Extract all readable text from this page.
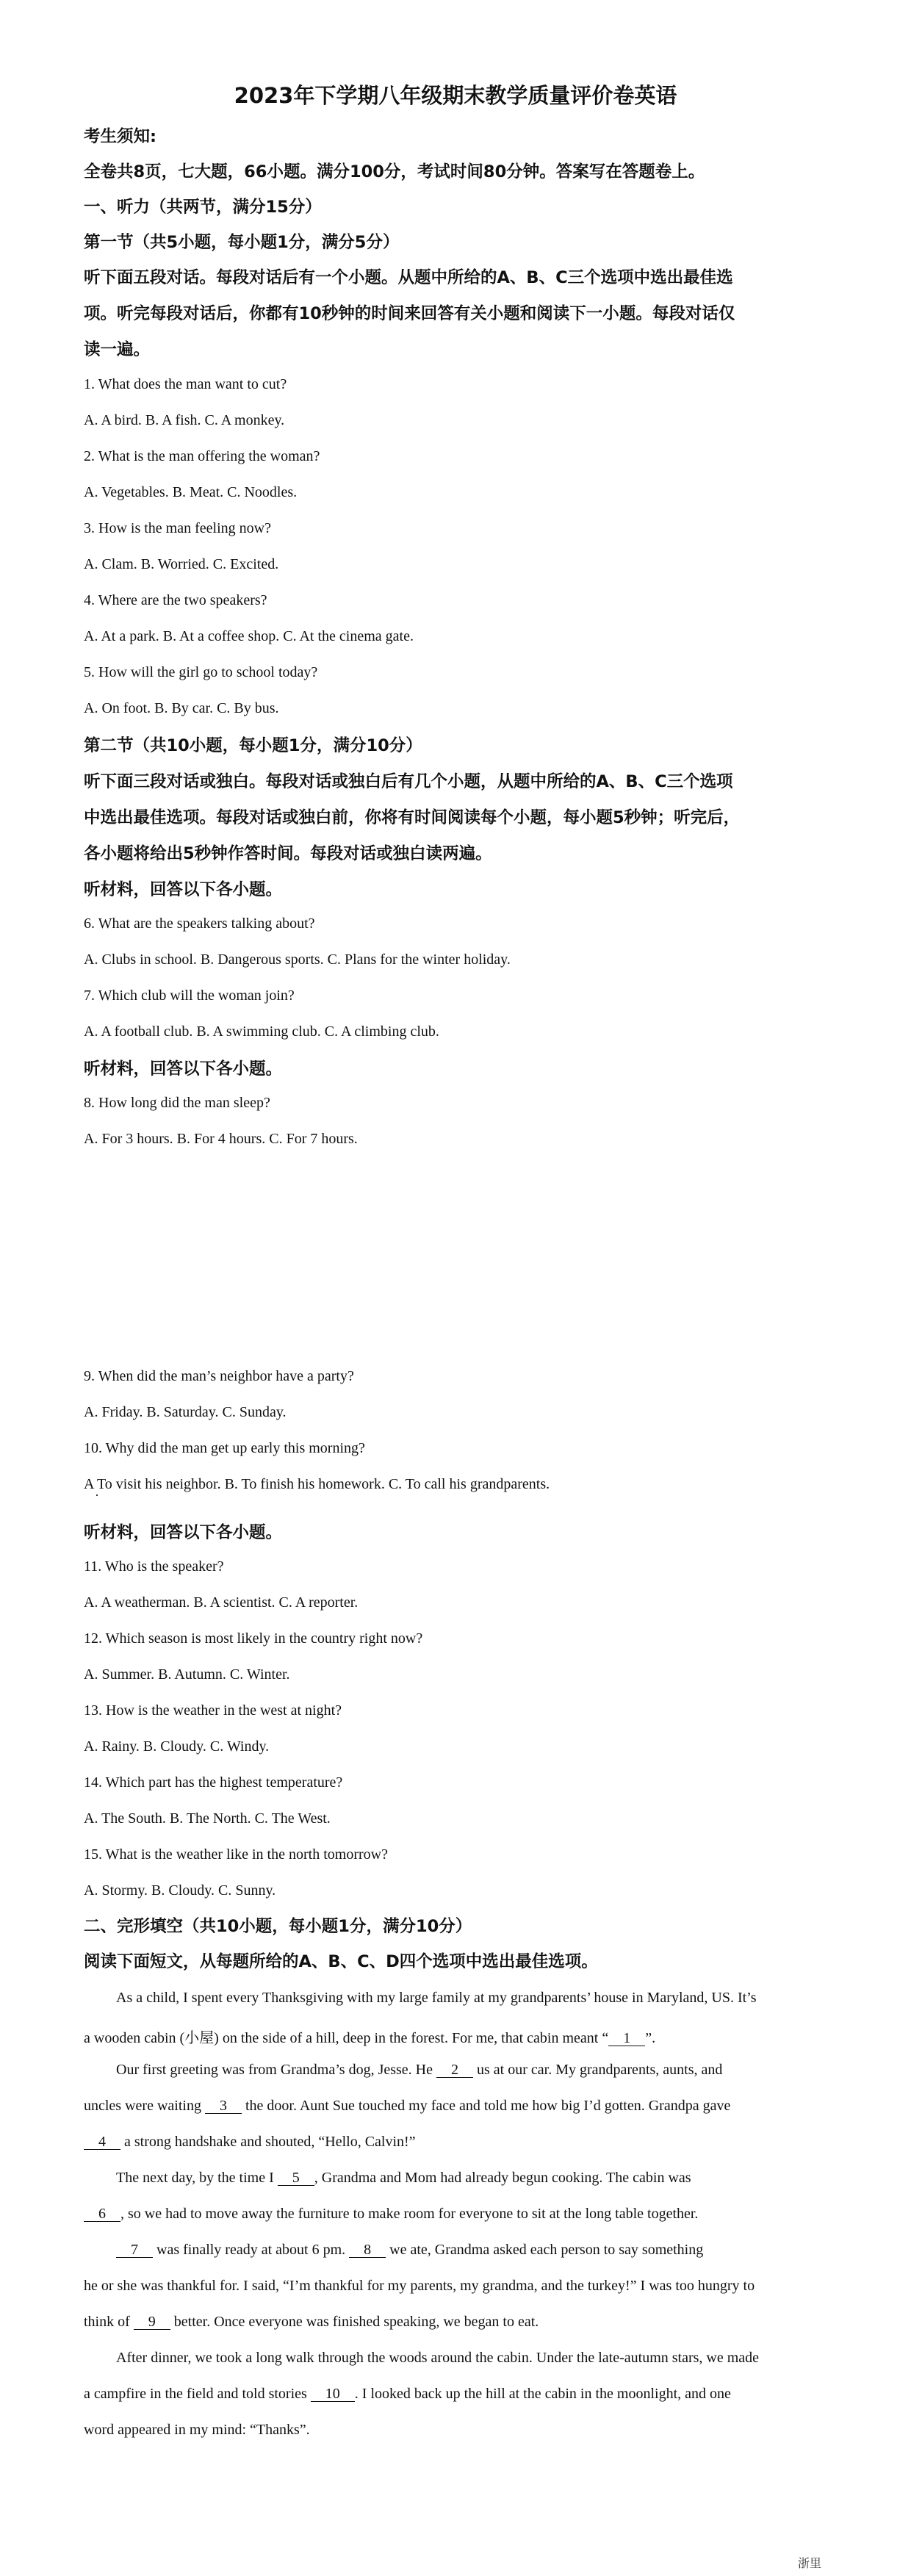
2023年下学期八年级期末教学质量评价卷英语
考生须知:
全卷共8页，七大题，66小题。满分100分，考试时间80分钟。答案写在答题卷上。
一、听力（共两节，满分15分）
第一节（共5小题，每小题1分，满分5分）
听下面五段对话。每段对话后有一个小题。从题中所给的A、B、C三个选项中选出最佳选
项。听完每段对话后，你都有10秒钟的时间来回答有关小题和阅读下一小题。每段对话仅
读一遍。
1. What does the man want to cut?
A. A bird. B. A fish. C. A monkey.
2. What is the man offering the woman?
A. Vegetables. B. Meat. C. Noodles.
3. How is the man feeling now?
A. Clam. B. Worried. C. Excited.
4. Where are the two speakers?
A. At a park. B. At a coffee shop. C. At the cinema gate.
5. How will the girl go to school today?
A. On foot. B. By car. C. By bus.
第二节（共10小题，每小题1分，满分10分）
听下面三段对话或独白。每段对话或独白后有几个小题，从题中所给的A、B、C三个选项
中选出最佳选项。每段对话或独白前，你将有时间阅读每个小题，每小题5秒钟；听完后，
各小题将给出5秒钟作答时间。每段对话或独白读两遍。
听材料，回答以下各小题。
6. What are the speakers talking about?
A. Clubs in school. B. Dangerous sports. C. Plans for the winter holiday.
7. Which club will the woman join?
A. A football club. B. A swimming club. C. A climbing club.
听材料，回答以下各小题。
8. How long did the man sleep?
A. For 3 hours. B. For 4 hours. C. For 7 hours.
9. When did the man’s neighbor have a party?
A. Friday. B. Saturday. C. Sunday.
10. Why did the man get up early this morning?
A To visit his neighbor. B. To finish his homework. C. To call his grandparents.
听材料，回答以下各小题。
11. Who is the speaker?
A. A weatherman. B. A scientist. C. A reporter.
12. Which season is most likely in the country right now?
A. Summer. B. Autumn. C. Winter.
13. How is the weather in the west at night?
A. Rainy. B. Cloudy. C. Windy.
14. Which part has the highest temperature?
A. The South. B. The North. C. The West.
15. What is the weather like in the north tomorrow?
A. Stormy. B. Cloudy. C. Sunny.
二、完形填空（共10小题，每小题1分，满分10分）
阅读下面短文，从每题所给的A、B、C、D四个选项中选出最佳选项。
As a child, I spent every Thanksgiving with my large family at my grandparents’ house in Maryland, US. It’s
a wooden cabin (小屋) on the side of a hill, deep in the forest. For me, that cabin meant “ 1 ”.
Our first greeting was from Grandma’s dog, Jesse. He 2 us at our car. My grandparents, aunts, and
uncles were waiting 3 the door. Aunt Sue touched my face and told me how big I’d gotten. Grandpa gave
4 a strong handshake and shouted, “Hello, Calvin!”
The next day, by the time I 5 , Grandma and Mom had already begun cooking. The cabin was
6 , so we had to move away the furniture to make room for everyone to sit at the long table together.
7 was finally ready at about 6 pm. 8 we ate, Grandma asked each person to say something
he or she was thankful for. I said, “I’m thankful for my parents, my grandma, and the turkey!” I was too hungry to
think of 9 better. Once everyone was finished speaking, we began to eat.
After dinner, we took a long walk through the woods around the cabin. Under the late-autumn stars, we made
a campfire in the field and told stories 10 . I looked back up the hill at the cabin in the moonlight, and one
word appeared in my mind: “Thanks”.
浙里
